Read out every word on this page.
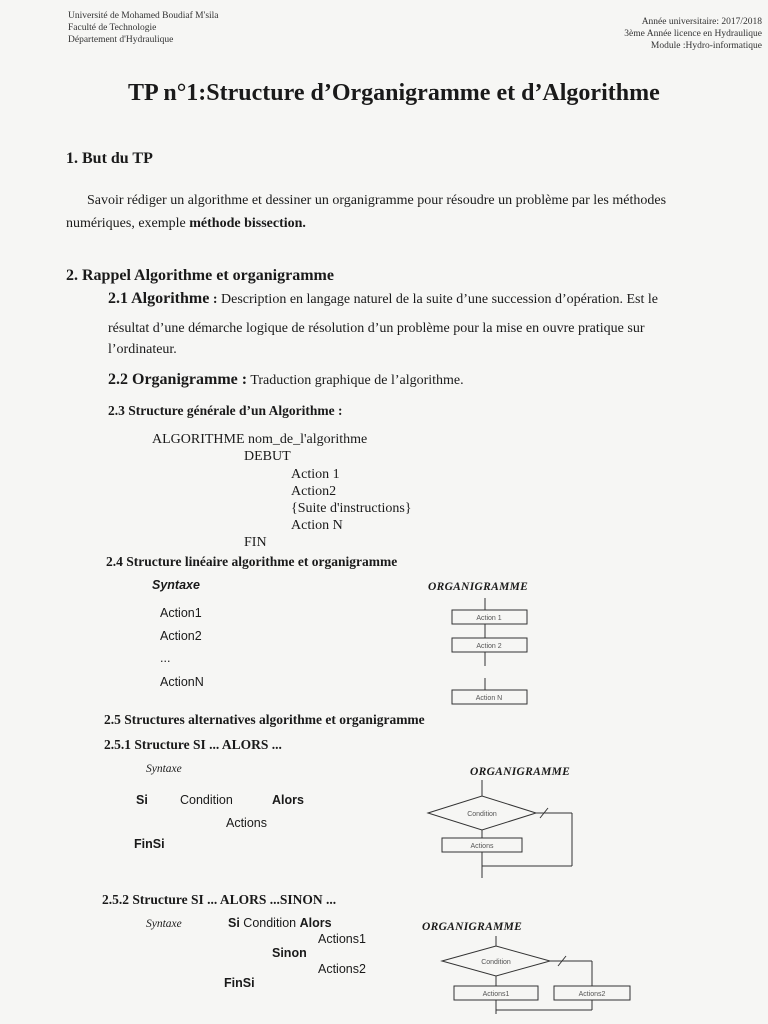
Université de Mohamed Boudiaf M'sila
Faculté de Technologie
Département d'Hydraulique
Année universitaire: 2017/2018
3ème Année licence en Hydraulique
Module :Hydro-informatique
TP n°1:Structure d’Organigramme et d’Algorithme
1. But du TP
Savoir rédiger un algorithme et dessiner un organigramme pour résoudre un problème par les méthodes
numériques, exemple méthode bissection.
2. Rappel Algorithme et organigramme
2.1 Algorithme : Description en langage naturel de la suite d’une succession d’opération. Est le
résultat d’une démarche logique de résolution d’un problème pour la mise en ouvre pratique sur
l’ordinateur.
2.2 Organigramme : Traduction graphique de l’algorithme.
2.3 Structure générale d’un Algorithme :
ALGORITHME nom_de_l'algorithme
DEBUT
Action 1
Action2
{Suite d'instructions}
Action N
FIN
2.4 Structure linéaire algorithme et organigramme
Syntaxe	ORGANIGRAMME
Action1
Action2
...
ActionN
Action 1
Action 2
Action N
2.5 Structures alternatives algorithme et organigramme
2.5.1 Structure SI ... ALORS ...
Syntaxe	ORGANIGRAMME
Si	Condition	Alors
Actions
FinSi
Condition
Actions
2.5.2 Structure SI ... ALORS ...SINON ...
Syntaxe	ORGANIGRAMME
Si Condition Alors
Actions1
Sinon
Actions2
FinSi
Condition
Actions1	Actions2
